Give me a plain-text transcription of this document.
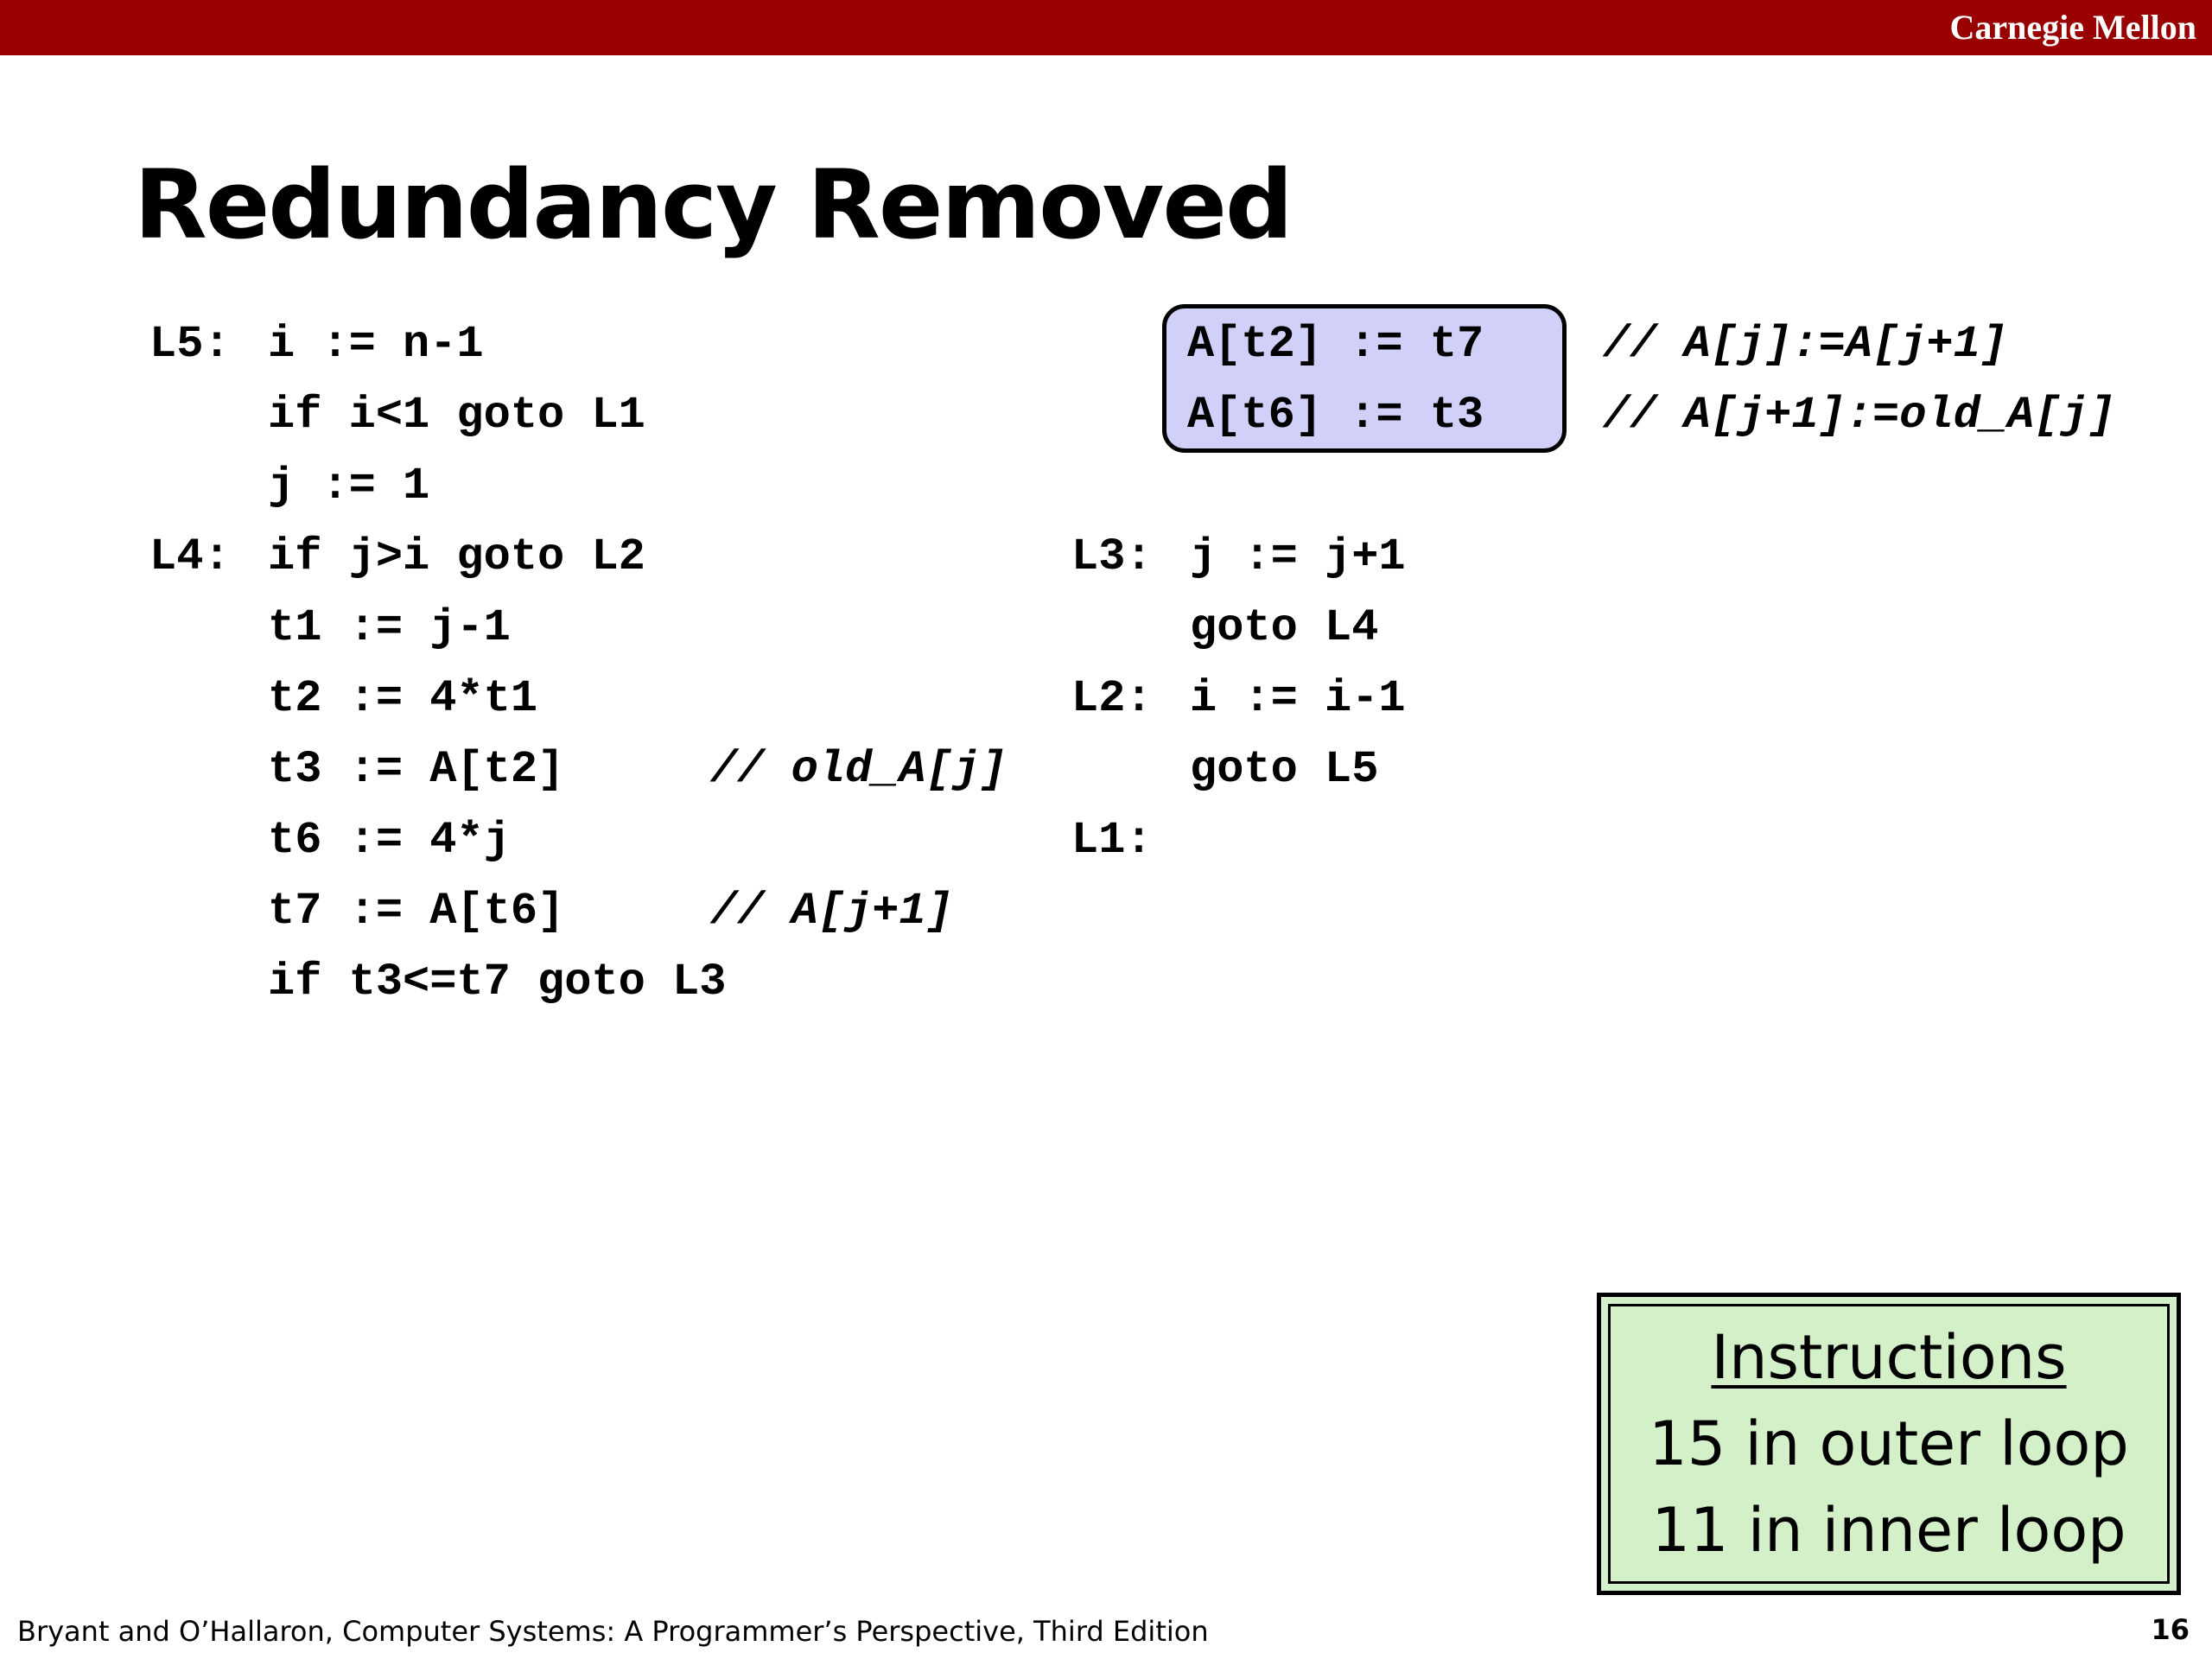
Carnegie Mellon
Redundancy Removed
L5:
L4:
i := n-1
if i<1 goto L1
j := 1
if j>i goto L2
t1 := j-1
t2 := 4*t1
t3 := A[t2]
t6 := 4*j
t7 := A[t6]
if t3<=t7 goto L3
// old_A[j]
// A[j+1]
A[t2] := t7
A[t6] := t3
// A[j]:=A[j+1]
// A[j+1]:=old_A[j]
L3:
L2:
L1:
j := j+1
goto L4
i := i-1
goto L5
Instructions
15 in outer loop
11 in inner loop
Bryant and O’Hallaron, Computer Systems: A Programmer’s Perspective, Third Edition	16
